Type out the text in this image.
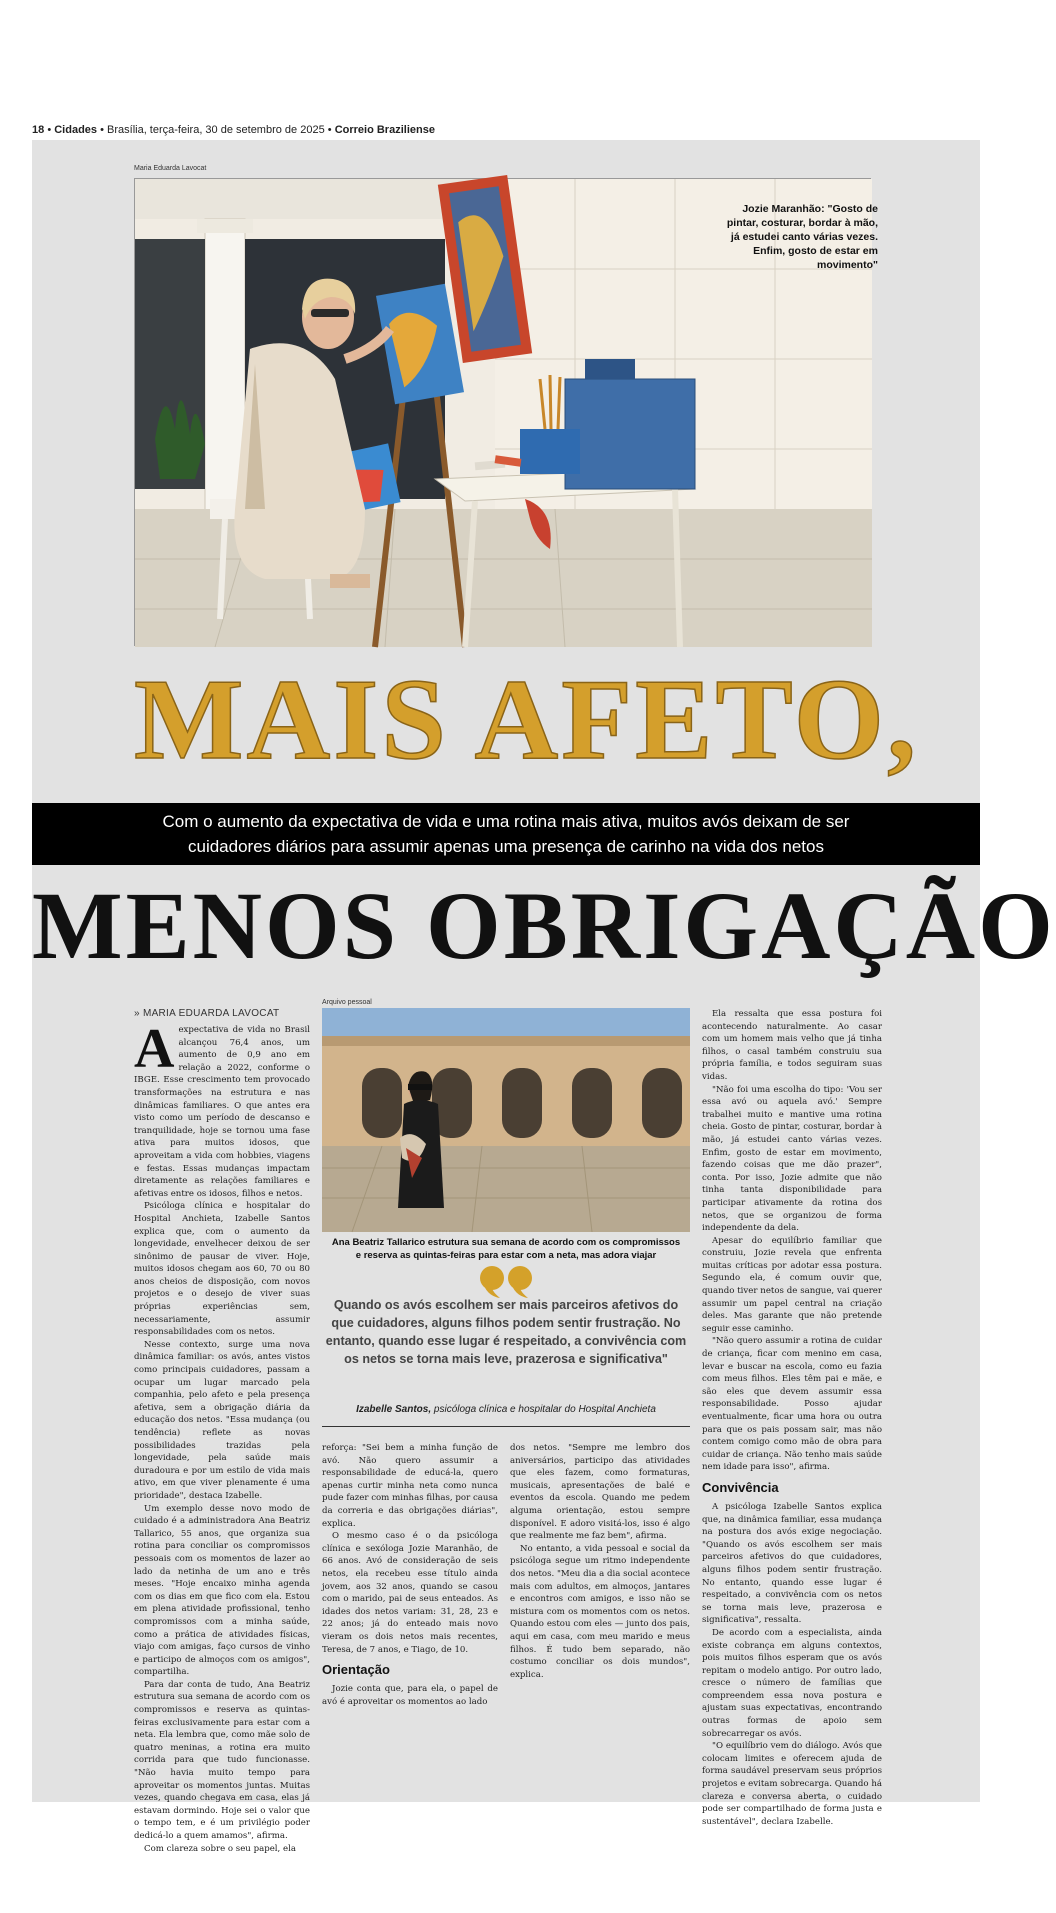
18 • Cidades • Brasília, terça-feira, 30 de setembro de 2025 • Correio Braziliense
Maria Eduarda Lavocat
Jozie Maranhão: "Gosto de pintar, costurar, bordar à mão, já estudei canto várias vezes. Enfim, gosto de estar em movimento"
MAIS AFETO,
Com o aumento da expectativa de vida e uma rotina mais ativa, muitos avós deixam de ser
cuidadores diários para assumir apenas uma presença de carinho na vida dos netos
MENOS OBRIGAÇÃO
» MARIA EDUARDA LAVOCAT

Aexpectativa de vida no Brasil alcançou 76,4 anos, um aumento de 0,9 ano em relação a 2022, conforme o IBGE. Esse crescimento tem provocado transformações na estrutura e nas dinâmicas familiares. O que antes era visto como um período de descanso e tranquilidade, hoje se tornou uma fase ativa para muitos idosos, que aproveitam a vida com hobbies, viagens e festas. Essas mudanças impactam diretamente as relações familiares e afetivas entre os idosos, filhos e netos.

Psicóloga clínica e hospitalar do Hospital Anchieta, Izabelle Santos explica que, com o aumento da longevidade, envelhecer deixou de ser sinônimo de pausar de viver. Hoje, muitos idosos chegam aos 60, 70 ou 80 anos cheios de disposição, com novos projetos e o desejo de viver suas próprias experiências sem, necessariamente, assumir responsabilidades com os netos.

Nesse contexto, surge uma nova dinâmica familiar: os avós, antes vistos como principais cuidadores, passam a ocupar um lugar marcado pela companhia, pelo afeto e pela presença afetiva, sem a obrigação diária da educação dos netos. "Essa mudança (ou tendência) reflete as novas possibilidades trazidas pela longevidade, pela saúde mais duradoura e por um estilo de vida mais ativo, em que viver plenamente é uma prioridade", destaca Izabelle.

Um exemplo desse novo modo de cuidado é a administradora Ana Beatriz Tallarico, 55 anos, que organiza sua rotina para conciliar os compromissos pessoais com os momentos de lazer ao lado da netinha de um ano e três meses. "Hoje encaixo minha agenda com os dias em que fico com ela. Estou em plena atividade profissional, tenho compromissos com a minha saúde, como a prática de atividades físicas, viajo com amigas, faço cursos de vinho e participo de almoços com os amigos", compartilha.

Para dar conta de tudo, Ana Beatriz estrutura sua semana de acordo com os compromissos e reserva as quintas-feiras exclusivamente para estar com a neta. Ela lembra que, como mãe solo de quatro meninas, a rotina era muito corrida para que tudo funcionasse. "Não havia muito tempo para aproveitar os momentos juntas. Muitas vezes, quando chegava em casa, elas já estavam dormindo. Hoje sei o valor que o tempo tem, e é um privilégio poder dedicá-lo a quem amamos", afirma.

Com clareza sobre o seu papel, ela

Arquivo pessoal
Ana Beatriz Tallarico estrutura sua semana de acordo com os compromissos
e reserva as quintas-feiras para estar com a neta, mas adora viajar
Quando os avós escolhem ser mais parceiros afetivos do que cuidadores, alguns filhos podem sentir frustração. No entanto, quando esse lugar é respeitado, a convivência com os netos se torna mais leve, prazerosa e significativa"
Izabelle Santos, psicóloga clínica e hospitalar do Hospital Anchieta

reforça: "Sei bem a minha função de avó. Não quero assumir a responsabilidade de educá-la, quero apenas curtir minha neta como nunca pude fazer com minhas filhas, por causa da correria e das obrigações diárias", explica.

O mesmo caso é o da psicóloga clínica e sexóloga Jozie Maranhão, de 66 anos. Avó de consideração de seis netos, ela recebeu esse título ainda jovem, aos 32 anos, quando se casou com o marido, pai de seus enteados. As idades dos netos variam: 31, 28, 23 e 22 anos; já do enteado mais novo vieram os dois netos mais recentes, Teresa, de 7 anos, e Tiago, de 10.

Orientação

Jozie conta que, para ela, o papel de avó é aproveitar os momentos ao lado

dos netos. "Sempre me lembro dos aniversários, participo das atividades que eles fazem, como formaturas, musicais, apresentações de balé e eventos da escola. Quando me pedem alguma orientação, estou sempre disponível. E adoro visitá-los, isso é algo que realmente me faz bem", afirma.

No entanto, a vida pessoal e social da psicóloga segue um ritmo independente dos netos. "Meu dia a dia social acontece mais com adultos, em almoços, jantares e encontros com amigos, e isso não se mistura com os momentos com os netos. Quando estou com eles — junto dos pais, aqui em casa, com meu marido e meus filhos. É tudo bem separado, não costumo conciliar os dois mundos", explica.

Ela ressalta que essa postura foi acontecendo naturalmente. Ao casar com um homem mais velho que já tinha filhos, o casal também construiu sua própria família, e todos seguiram suas vidas.

"Não foi uma escolha do tipo: 'Vou ser essa avó ou aquela avó.' Sempre trabalhei muito e mantive uma rotina cheia. Gosto de pintar, costurar, bordar à mão, já estudei canto várias vezes. Enfim, gosto de estar em movimento, fazendo coisas que me dão prazer", conta. Por isso, Jozie admite que não tinha tanta disponibilidade para participar ativamente da rotina dos netos, que se organizou de forma independente da dela.

Apesar do equilíbrio familiar que construiu, Jozie revela que enfrenta muitas críticas por adotar essa postura. Segundo ela, é comum ouvir que, quando tiver netos de sangue, vai querer assumir um papel central na criação deles. Mas garante que não pretende seguir esse caminho.

"Não quero assumir a rotina de cuidar de criança, ficar com menino em casa, levar e buscar na escola, como eu fazia com meus filhos. Eles têm pai e mãe, e são eles que devem assumir essa responsabilidade. Posso ajudar eventualmente, ficar uma hora ou outra para que os pais possam sair, mas não contem comigo como mão de obra para cuidar de criança. Não tenho mais saúde nem idade para isso", afirma.

Convivência

A psicóloga Izabelle Santos explica que, na dinâmica familiar, essa mudança na postura dos avós exige negociação. "Quando os avós escolhem ser mais parceiros afetivos do que cuidadores, alguns filhos podem sentir frustração. No entanto, quando esse lugar é respeitado, a convivência com os netos se torna mais leve, prazerosa e significativa", ressalta.

De acordo com a especialista, ainda existe cobrança em alguns contextos, pois muitos filhos esperam que os avós repitam o modelo antigo. Por outro lado, cresce o número de famílias que compreendem essa nova postura e ajustam suas expectativas, encontrando outras formas de apoio sem sobrecarregar os avós.

"O equilíbrio vem do diálogo. Avós que colocam limites e oferecem ajuda de forma saudável preservam seus próprios projetos e evitam sobrecarga. Quando há clareza e conversa aberta, o cuidado pode ser compartilhado de forma justa e sustentável", declara Izabelle.
